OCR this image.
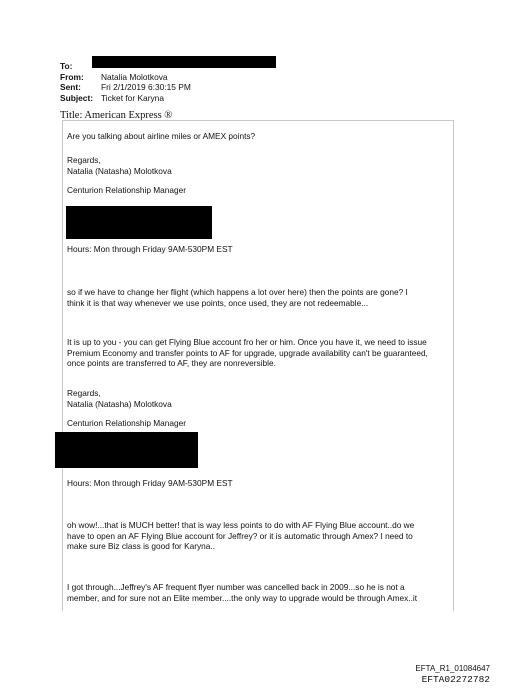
To:
From:	Natalia Molotkova
Sent:	Fri 2/1/2019 6:30:15 PM
Subject: Ticket for Karyna
Title: American Express ®
Are you talking about airline miles or AMEX points?
Regards,
Natalia (Natasha) Molotkova
Centurion Relationship Manager
Hours: Mon through Friday 9AM-530PM EST
so if we have to change her flight (which happens a lot over here) then the points are gone? I
think it is that way whenever we use points, once used, they are not redeemable...
It is up to you - you can get Flying Blue account fro her or him. Once you have it, we need to issue
Premium Economy and transfer points to AF for upgrade, upgrade availability can't be guaranteed,
once points are transferred to AF, they are nonreversible.
Regards,
Natalia (Natasha) Molotkova
Centurion Relationship Manager
Hours: Mon through Friday 9AM-530PM EST
oh wow!...that is MUCH better! that is way less points to do with AF Flying Blue account..do we
have to open an AF Flying Blue account for Jeffrey? or it is automatic through Amex? I need to
make sure Biz class is good for Karyna..
I got through...Jeffrey's AF frequent flyer number was cancelled back in 2009...so he is not a
member, and for sure not an Elite member....the only way to upgrade would be through Amex..it
EFTA_R1_01084647
EFTA02272782
